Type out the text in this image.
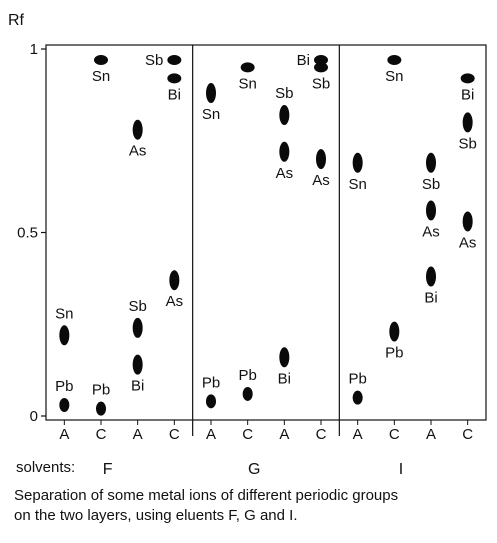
Rf
0
0.5
1
A C A C A C A C A C A C
Pb
Sn
Pb
Sn
Bi
Sb
As
As
Bi
Sb
Pb
Sn
Pb
Sn
Bi
As
Sb
As
Sb
Bi
Pb
Sn
Pb
Sn
Bi
As
Sb
As
Sb
Bi
solvents: F	G	I

Separation of some metal ions of different periodic groups
on the two layers, using eluents F, G and I.
